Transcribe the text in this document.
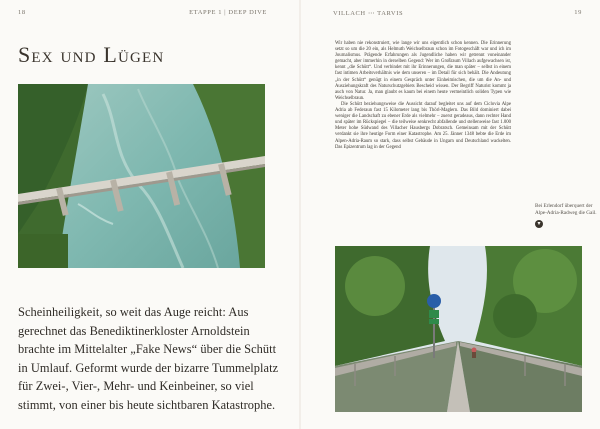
18	ETAPPE 1 | DEEP DIVE
Sex und Lügen

Scheinheiligkeit, so weit das Auge reicht: Aus gerechnet das Benediktinerkloster Arnoldstein brachte im Mittelalter „Fake News“ über die Schütt in Umlauf. Geformt wurde der bizarre Tummelplatz für Zwei-, Vier-, Mehr- und Keinbeiner, so viel stimmt, von einer bis heute sichtbaren Katastrophe.

VILLACH ⋯ TARVIS	19

Wir haben nie rekonstruiert, wie lange wir uns eigentlich schon kennen. Die Erinnerung setzt so um die 20 ein, als Helmuth Weichselbraun schon im Fotogeschäft war und ich im Journalismus. Prägende Erfahrungen als Jugendliche haben wir getrennt voneinander gemacht, aber immerhin in derselben Gegend: Wer im Großraum Villach aufgewachsen ist, kennt „die Schütt“. Und verbindet mit ihr Erinnerungen, die man später – selbst in einem fast intimen Arbeitsverhältnis wie dem unseren – im Detail für sich behält. Die Andeutung „in der Schütt“ genügt in einem Gespräch unter Einheimischen, die um die An- und Ausziehungskraft des Naturschutzgebiets Bescheid wissen. Der Begriff Naturist kommt ja auch von Natur. Ja, man glaubt es kaum bei einem heute vermeintlich soliden Typen wie Weichselbraun.

Die Schütt beziehungsweise die Aussicht darauf begleitet uns auf dem Ciclovia Alpe Adria ab Federaun fast 15 Kilometer lang bis Thörl-Maglern. Das Bild dominiert dabei weniger die Landschaft zu ebener Erde als vielmehr – zuerst geradeaus, dann rechter Hand und später im Rückspiegel – die teilweise senkrecht abfallende und stellenweise fast 1.000 Meter hohe Südwand des Villacher Hausbergs Dobratsch. Gemeinsam mit der Schütt verdankt sie ihre heutige Form einer Katastrophe. Am 25. Jänner 1348 bebte die Erde im Alpen-Adria-Raum so stark, dass selbst Gebäude in Ungarn und Deutschland wackelten. Das Epizentrum lag in der Gegend

Bei Erlendorf überquert der Alpe-Adria-Radweg die Gail.

▾
